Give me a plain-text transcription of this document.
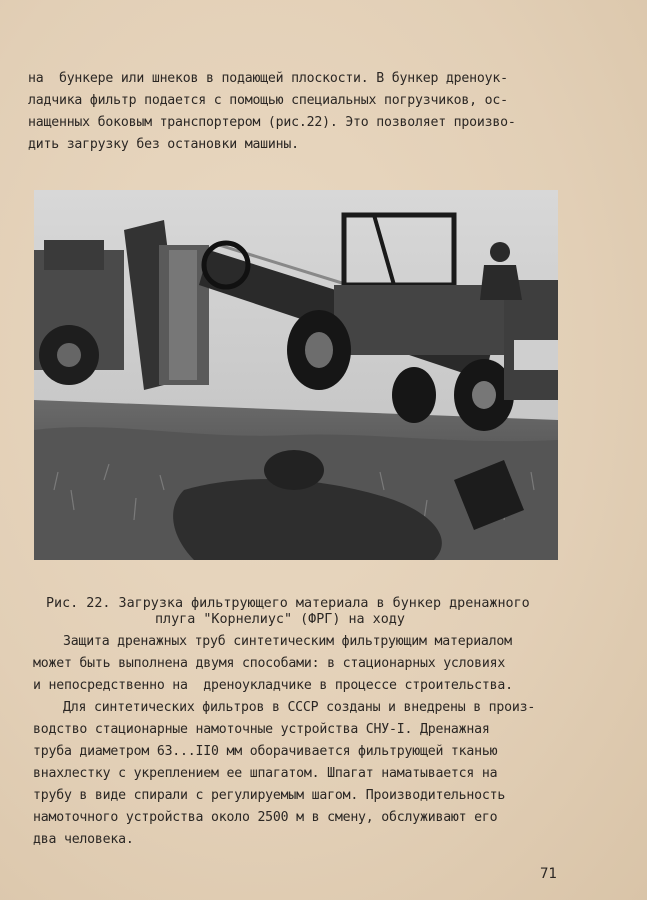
на  бункере или шнеков в подающей плоскости. В бункер дреноук-
ладчика фильтр подается с помощью специальных погрузчиков, ос-
нащенных боковым транспортером (рис.22). Это позволяет произво-
дить загрузку без остановки машины.
Рис. 22. Загрузка фильтрующего материала в бункер дренажного
плуга "Корнелиус" (ФРГ) на ходу
Защита дренажных труб синтетическим фильтрующим материалом
может быть выполнена двумя способами: в стационарных условиях
и непосредственно на  дреноукладчике в процессе строительства.
Для синтетических фильтров в СССР созданы и внедрены в произ-
водство стационарные намоточные устройства СНУ-I. Дренажная
труба диаметром 63...II0 мм оборачивается фильтрующей тканью
внахлестку с укреплением ее шпагатом. Шпагат наматывается на
трубу в виде спирали с регулируемым шагом. Производительность
намоточного устройства около 2500 м в смену, обслуживают его
два человека.
71
